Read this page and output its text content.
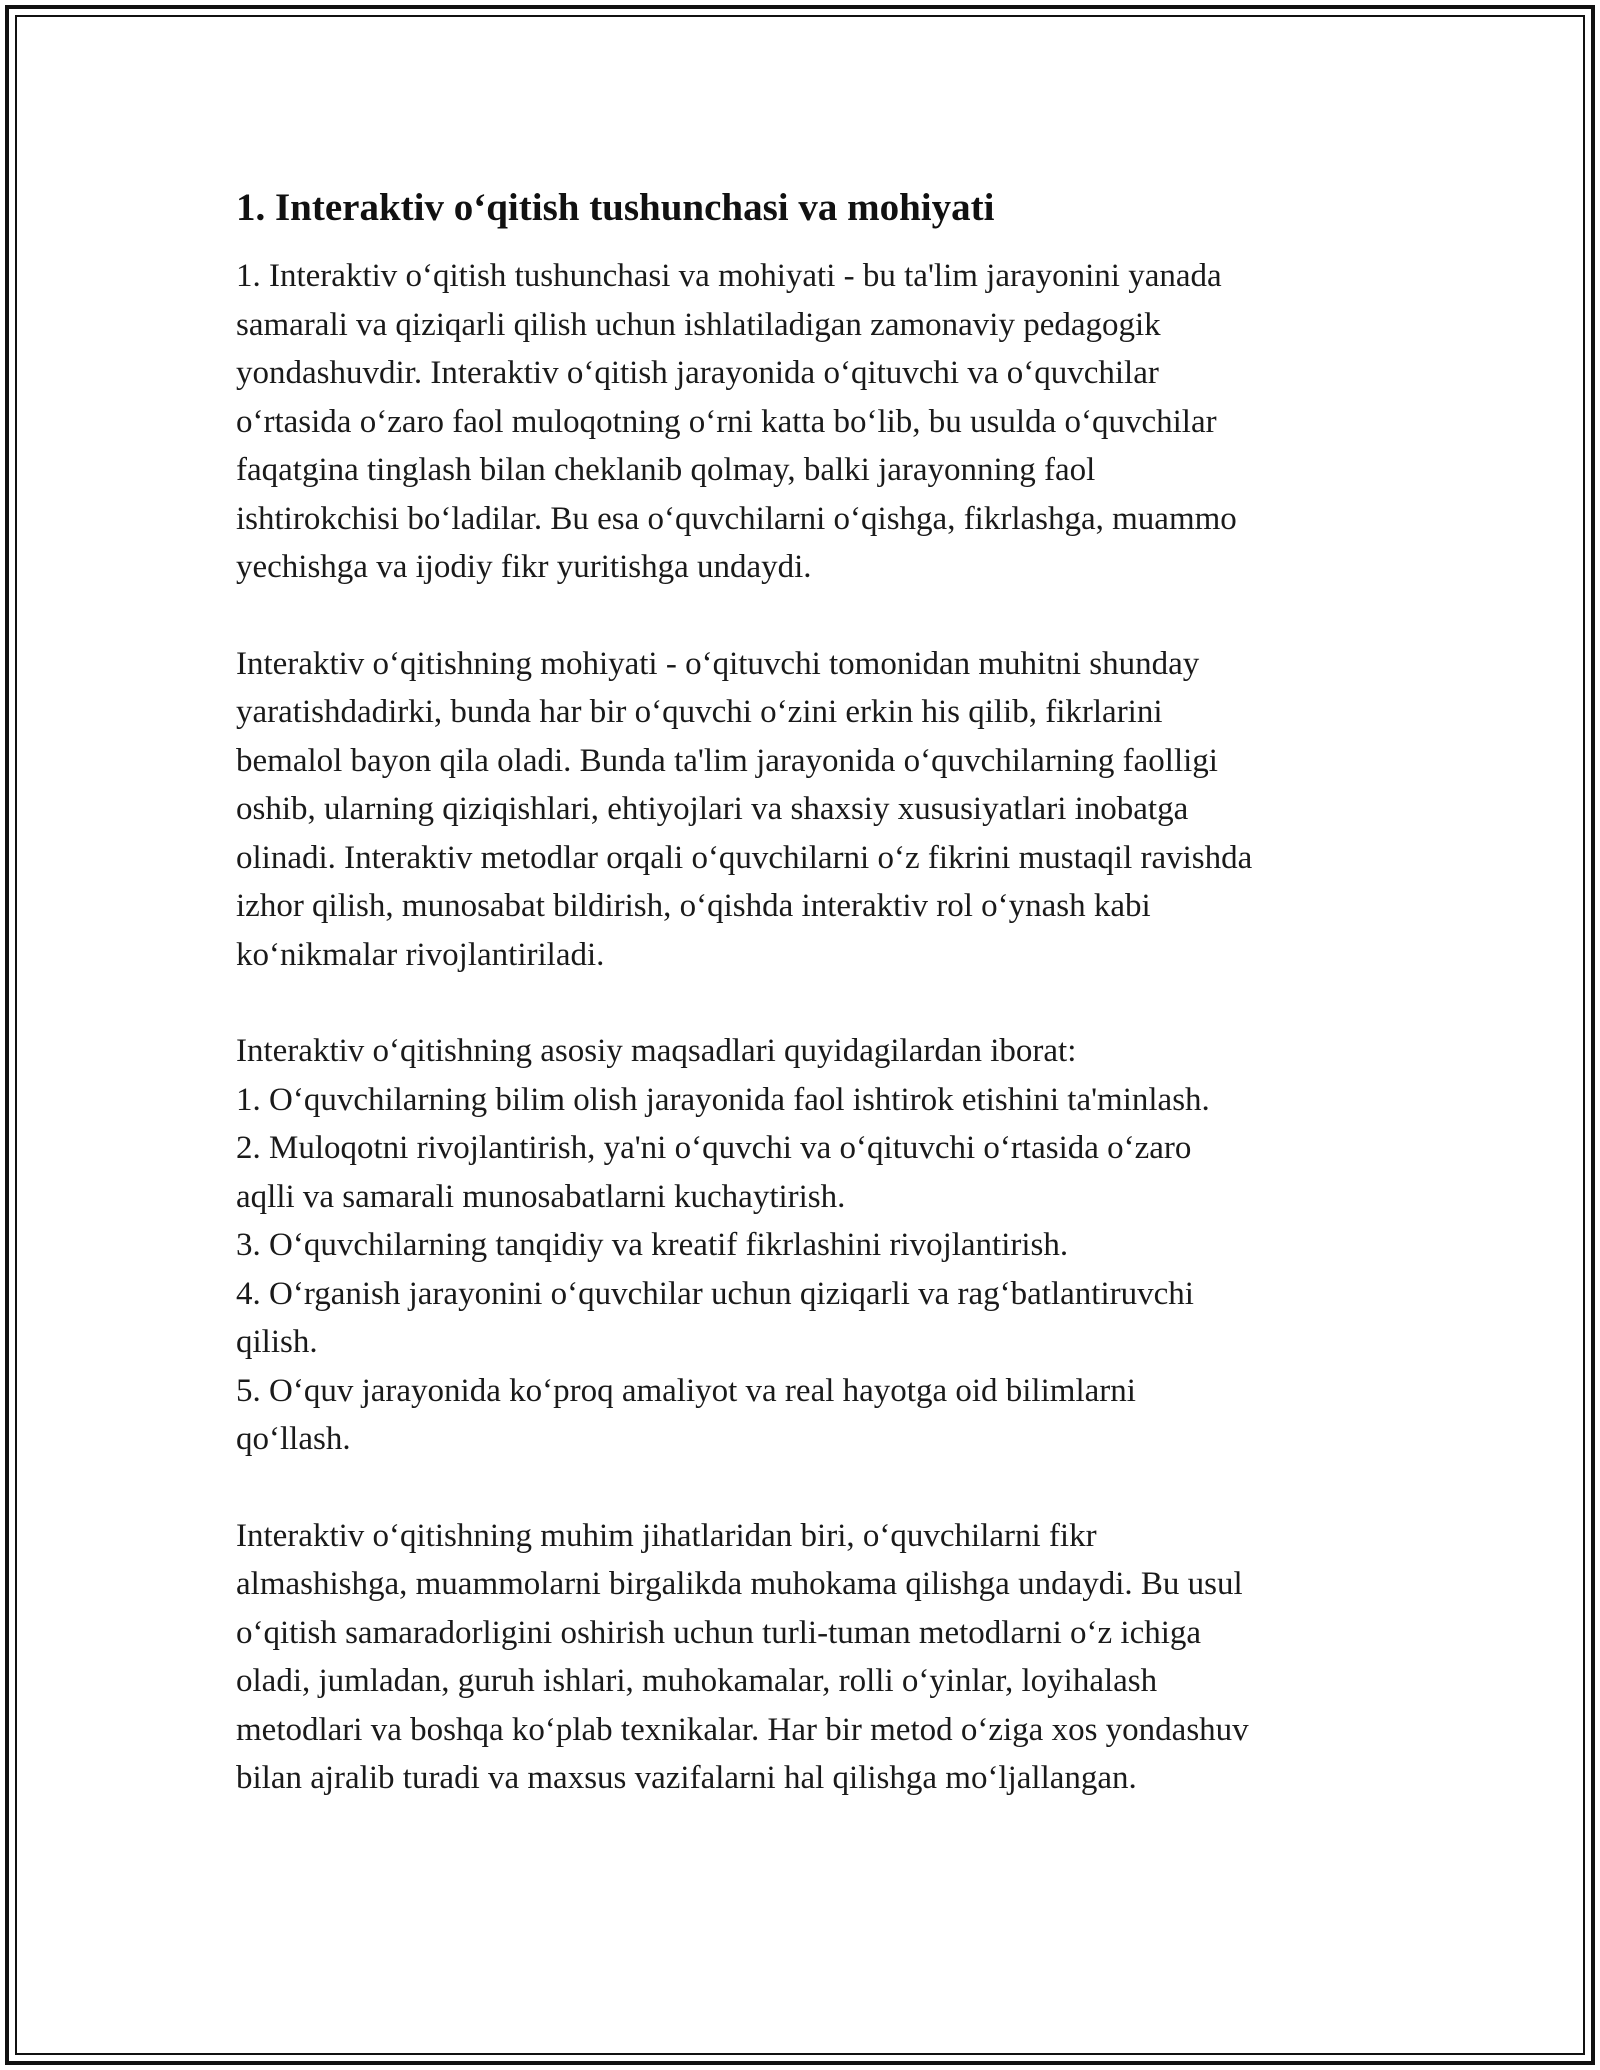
1. Interaktiv o‘qitish tushunchasi va mohiyati
1. Interaktiv o‘qitish tushunchasi va mohiyati - bu ta'lim jarayonini yanada
samarali va qiziqarli qilish uchun ishlatiladigan zamonaviy pedagogik
yondashuvdir. Interaktiv o‘qitish jarayonida o‘qituvchi va o‘quvchilar
o‘rtasida o‘zaro faol muloqotning o‘rni katta bo‘lib, bu usulda o‘quvchilar
faqatgina tinglash bilan cheklanib qolmay, balki jarayonning faol
ishtirokchisi bo‘ladilar. Bu esa o‘quvchilarni o‘qishga, fikrlashga, muammo
yechishga va ijodiy fikr yuritishga undaydi.
Interaktiv o‘qitishning mohiyati - o‘qituvchi tomonidan muhitni shunday
yaratishdadirki, bunda har bir o‘quvchi o‘zini erkin his qilib, fikrlarini
bemalol bayon qila oladi. Bunda ta'lim jarayonida o‘quvchilarning faolligi
oshib, ularning qiziqishlari, ehtiyojlari va shaxsiy xususiyatlari inobatga
olinadi. Interaktiv metodlar orqali o‘quvchilarni o‘z fikrini mustaqil ravishda
izhor qilish, munosabat bildirish, o‘qishda interaktiv rol o‘ynash kabi
ko‘nikmalar rivojlantiriladi.
Interaktiv o‘qitishning asosiy maqsadlari quyidagilardan iborat:
1. O‘quvchilarning bilim olish jarayonida faol ishtirok etishini ta'minlash.
2. Muloqotni rivojlantirish, ya'ni o‘quvchi va o‘qituvchi o‘rtasida o‘zaro
aqlli va samarali munosabatlarni kuchaytirish.
3. O‘quvchilarning tanqidiy va kreatif fikrlashini rivojlantirish.
4. O‘rganish jarayonini o‘quvchilar uchun qiziqarli va rag‘batlantiruvchi
qilish.
5. O‘quv jarayonida ko‘proq amaliyot va real hayotga oid bilimlarni
qo‘llash.
Interaktiv o‘qitishning muhim jihatlaridan biri, o‘quvchilarni fikr
almashishga, muammolarni birgalikda muhokama qilishga undaydi. Bu usul
o‘qitish samaradorligini oshirish uchun turli-tuman metodlarni o‘z ichiga
oladi, jumladan, guruh ishlari, muhokamalar, rolli o‘yinlar, loyihalash
metodlari va boshqa ko‘plab texnikalar. Har bir metod o‘ziga xos yondashuv
bilan ajralib turadi va maxsus vazifalarni hal qilishga mo‘ljallangan.
